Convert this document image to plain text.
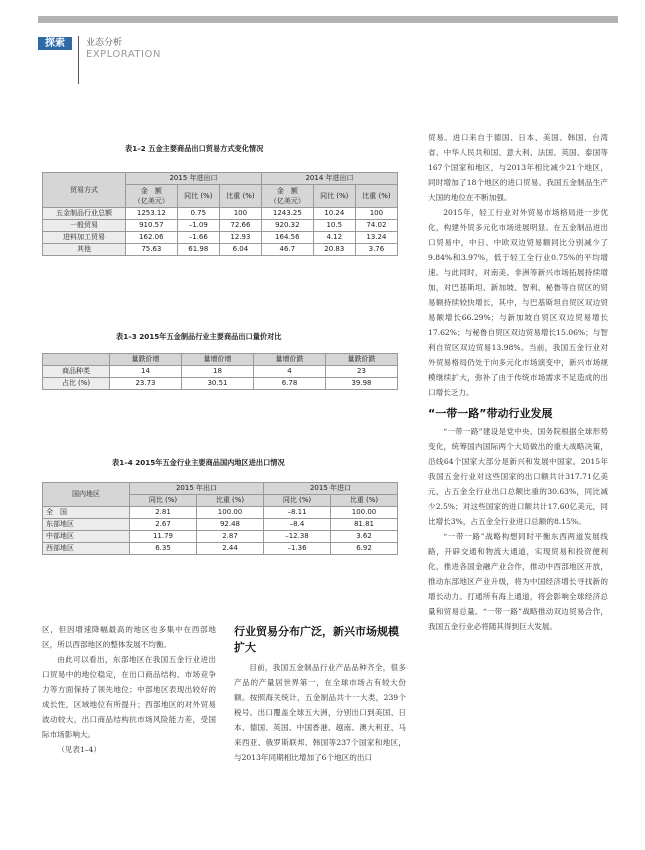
探索	业态分析
EXPLORATION
表1–2 五金主要商品出口贸易方式变化情况
贸易方式	2015 年进出口			2014 年进出口		
	金　额
（亿美元）	同比 (%)	比重 (%)	金　额
（亿美元）	同比 (%)	比重 (%)
五金制品行业总额	1253.12	0.75	100	1243.25	10.24	100
一般贸易	910.57	–1.09	72.66	920.32	10.5	74.02
进料加工贸易	162.06	–1.66	12.93	164.56	4.12	13.24
其他	75.63	61.98	6.04	46.7	20.83	3.76
表1–3 2015年五金制品行业主要商品出口量价对比
	量跌价增	量增价增	量增价跌	量跌价跌
商品种类	14	18	4	23
占比 (%)	23.73	30.51	6.78	39.98
表1–4 2015年五金行业主要商品国内地区进出口情况
国内地区	2015 年出口		2015 年进口	
	同比 (%)	比重 (%)	同比 (%)	比重 (%)
全　国	2.81	100.00	–8.11	100.00
东部地区	2.67	92.48	–8.4	81.81
中部地区	11.79	2.87	–12.38	3.62
西部地区	6.35	2.44	–1.36	6.92

区，但因增速降幅最高的地区也多集中在西部地区，所以西部地区的整体发展不均衡。

由此可以看出，东部地区在我国五金行业进出口贸易中的地位稳定，在出口商品结构、市场竞争力等方面保持了领先地位；中部地区表现出较好的成长性，区域地位有所提升；西部地区的对外贸易波动较大，出口商品结构抗市场风险能力差，受国际市场影响大。

（见表1–4）

行业贸易分布广泛，新兴市场规模扩大

目前，我国五金制品行业产品品种齐全，很多产品的产量居世界第一，在全球市场占有较大份额。按照海关统计，五金制品共十一大类，239个税号。出口覆盖全球五大洲，分别出口到美国、日本、德国、英国、中国香港、越南、澳大利亚、马来西亚、俄罗斯联邦、韩国等237个国家和地区，与2013年同期相比增加了6个地区的出口

贸易。进口来自于德国、日本、美国、韩国、台湾省、中华人民共和国、意大利、法国、英国、泰国等167个国家和地区，与2013年相比减少21个地区，同时增加了18个地区的进口贸易。我国五金制品生产大国的地位在不断加强。

2015年，轻工行业对外贸易市场格局进一步优化，构建外贸多元化市场进展明显。在五金制品进出口贸易中，中日、中欧双边贸易额同比分别减少了9.84%和3.97%，低于轻工全行业0.75%的平均增速。与此同时，对南美、非洲等新兴市场拓展持续增加，对巴基斯坦、新加坡、智利、秘鲁等自贸区的贸易额持续较快增长，其中，与巴基斯坦自贸区双边贸易额增长66.29%；与新加坡自贸区双边贸易增长17.62%；与秘鲁自贸区双边贸易增长15.06%；与智利自贸区双边贸易13.98%。当前，我国五金行业对外贸易格局仍处于向多元化市场演变中，新兴市场规模继续扩大，弥补了由于传统市场需求不足造成的出口增长乏力。

“一带一路”带动行业发展

“一带一路”建设是党中央、国务院根据全球形势变化，统筹国内国际两个大局做出的重大战略决策，沿线64个国家大部分是新兴和发展中国家。2015年我国五金行业对这些国家的出口额共计317.71亿美元，占五金全行业出口总额比重的30.63%，同比减少2.5%；对这些国家的进口额共计17.60亿美元，同比增长3%，占五金全行业进口总额的8.15%。

“一带一路”战略构想同时平衡东西两道发展线路，开辟交通和物流大通道，实现贸易和投资便利化，推进各国金融产业合作，推动中西部地区开放，推动东部地区产业升级，将为中国经济增长寻找新的增长动力。打通所有海上通道，将会影响全球经济总量和贸易总量。“一带一路”战略推动双边贸易合作，我国五金行业必将随其得到巨大发展。
